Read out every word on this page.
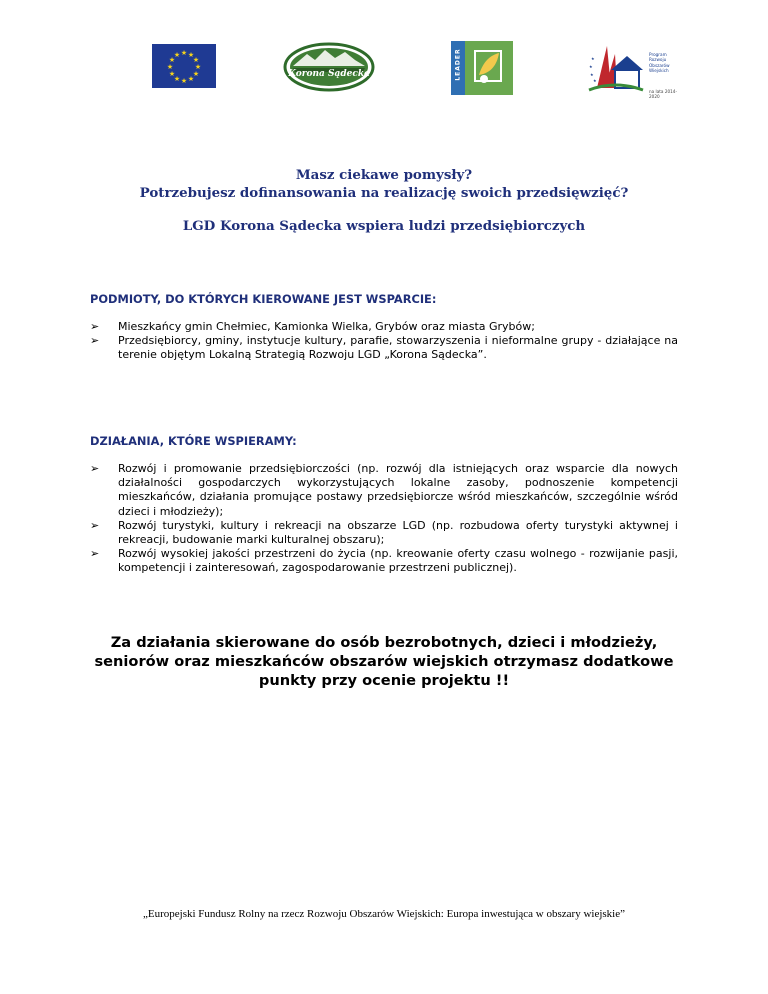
★ ★
★
★
★
★
★
★
★
★
★
★
Korona Sądecka	LEADER	★
★
★
★
Program
Rozwoju
Obszarów
Wiejskich
na lata 2014-2020

Masz ciekawe pomysły?

Potrzebujesz dofinansowania na realizację swoich przedsięwzięć?

LGD Korona Sądecka wspiera ludzi przedsiębiorczych
PODMIOTY, DO KTÓRYCH KIEROWANE JEST WSPARCIE:
➢ Mieszkańcy gmin Chełmiec, Kamionka Wielka, Grybów oraz miasta Grybów;
➢ Przedsiębiorcy, gminy, instytucje kultury, parafie, stowarzyszenia i nieformalne grupy - działające na terenie objętym Lokalną Strategią Rozwoju LGD „Korona Sądecka”.
DZIAŁANIA, KTÓRE WSPIERAMY:
➢ Rozwój i promowanie przedsiębiorczości (np. rozwój dla istniejących oraz wsparcie dla nowych działalności gospodarczych wykorzystujących lokalne zasoby, podnoszenie kompetencji mieszkańców, działania promujące postawy przedsiębiorcze wśród mieszkańców, szczególnie wśród dzieci i młodzieży);
➢ Rozwój turystyki, kultury i rekreacji na obszarze LGD (np. rozbudowa oferty turystyki aktywnej i rekreacji, budowanie marki kulturalnej obszaru);
➢ Rozwój wysokiej jakości przestrzeni do życia (np. kreowanie oferty czasu wolnego - rozwijanie pasji, kompetencji i zainteresowań, zagospodarowanie przestrzeni publicznej).

Za działania skierowane do osób bezrobotnych, dzieci i młodzieży,

seniorów oraz mieszkańców obszarów wiejskich otrzymasz dodatkowe

punkty przy ocenie projektu !!

„Europejski Fundusz Rolny na rzecz Rozwoju Obszarów Wiejskich: Europa inwestująca w obszary wiejskie”
